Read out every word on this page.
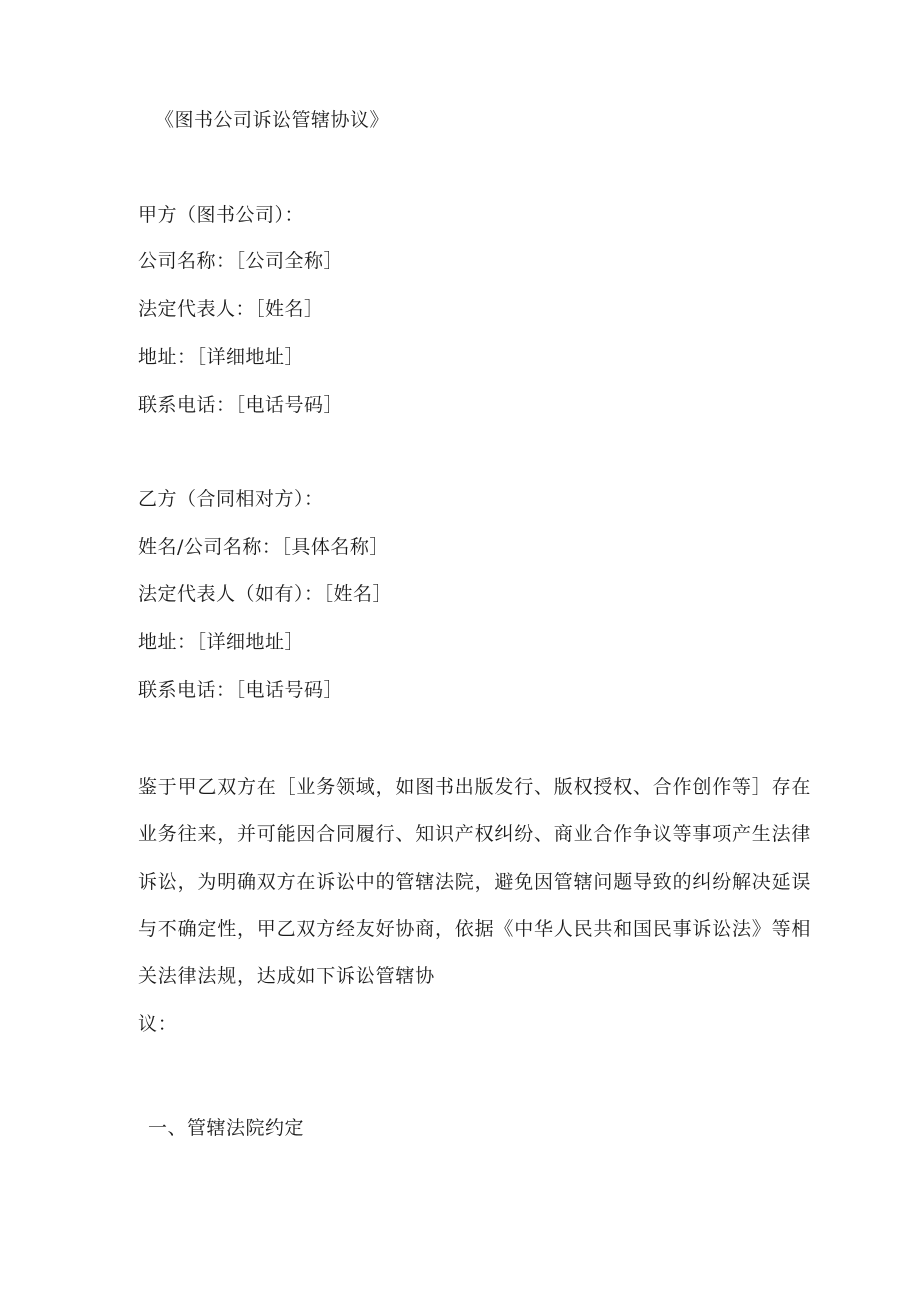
《图书公司诉讼管辖协议》
甲方（图书公司）：
公司名称：［公司全称］
法定代表人：［姓名］
地址：［详细地址］
联系电话：［电话号码］
乙方（合同相对方）：
姓名/公司名称：［具体名称］
法定代表人（如有）：［姓名］
地址：［详细地址］
联系电话：［电话号码］
鉴于甲乙双方在［业务领域，如图书出版发行、版权授权、合作创作等］存在
业务往来，并可能因合同履行、知识产权纠纷、商业合作争议等事项产生法律
诉讼，为明确双方在诉讼中的管辖法院，避免因管辖问题导致的纠纷解决延误
与不确定性，甲乙双方经友好协商，依据《中华人民共和国民事诉讼法》等相
关法律法规，达成如下诉讼管辖协
议：
一、管辖法院约定
